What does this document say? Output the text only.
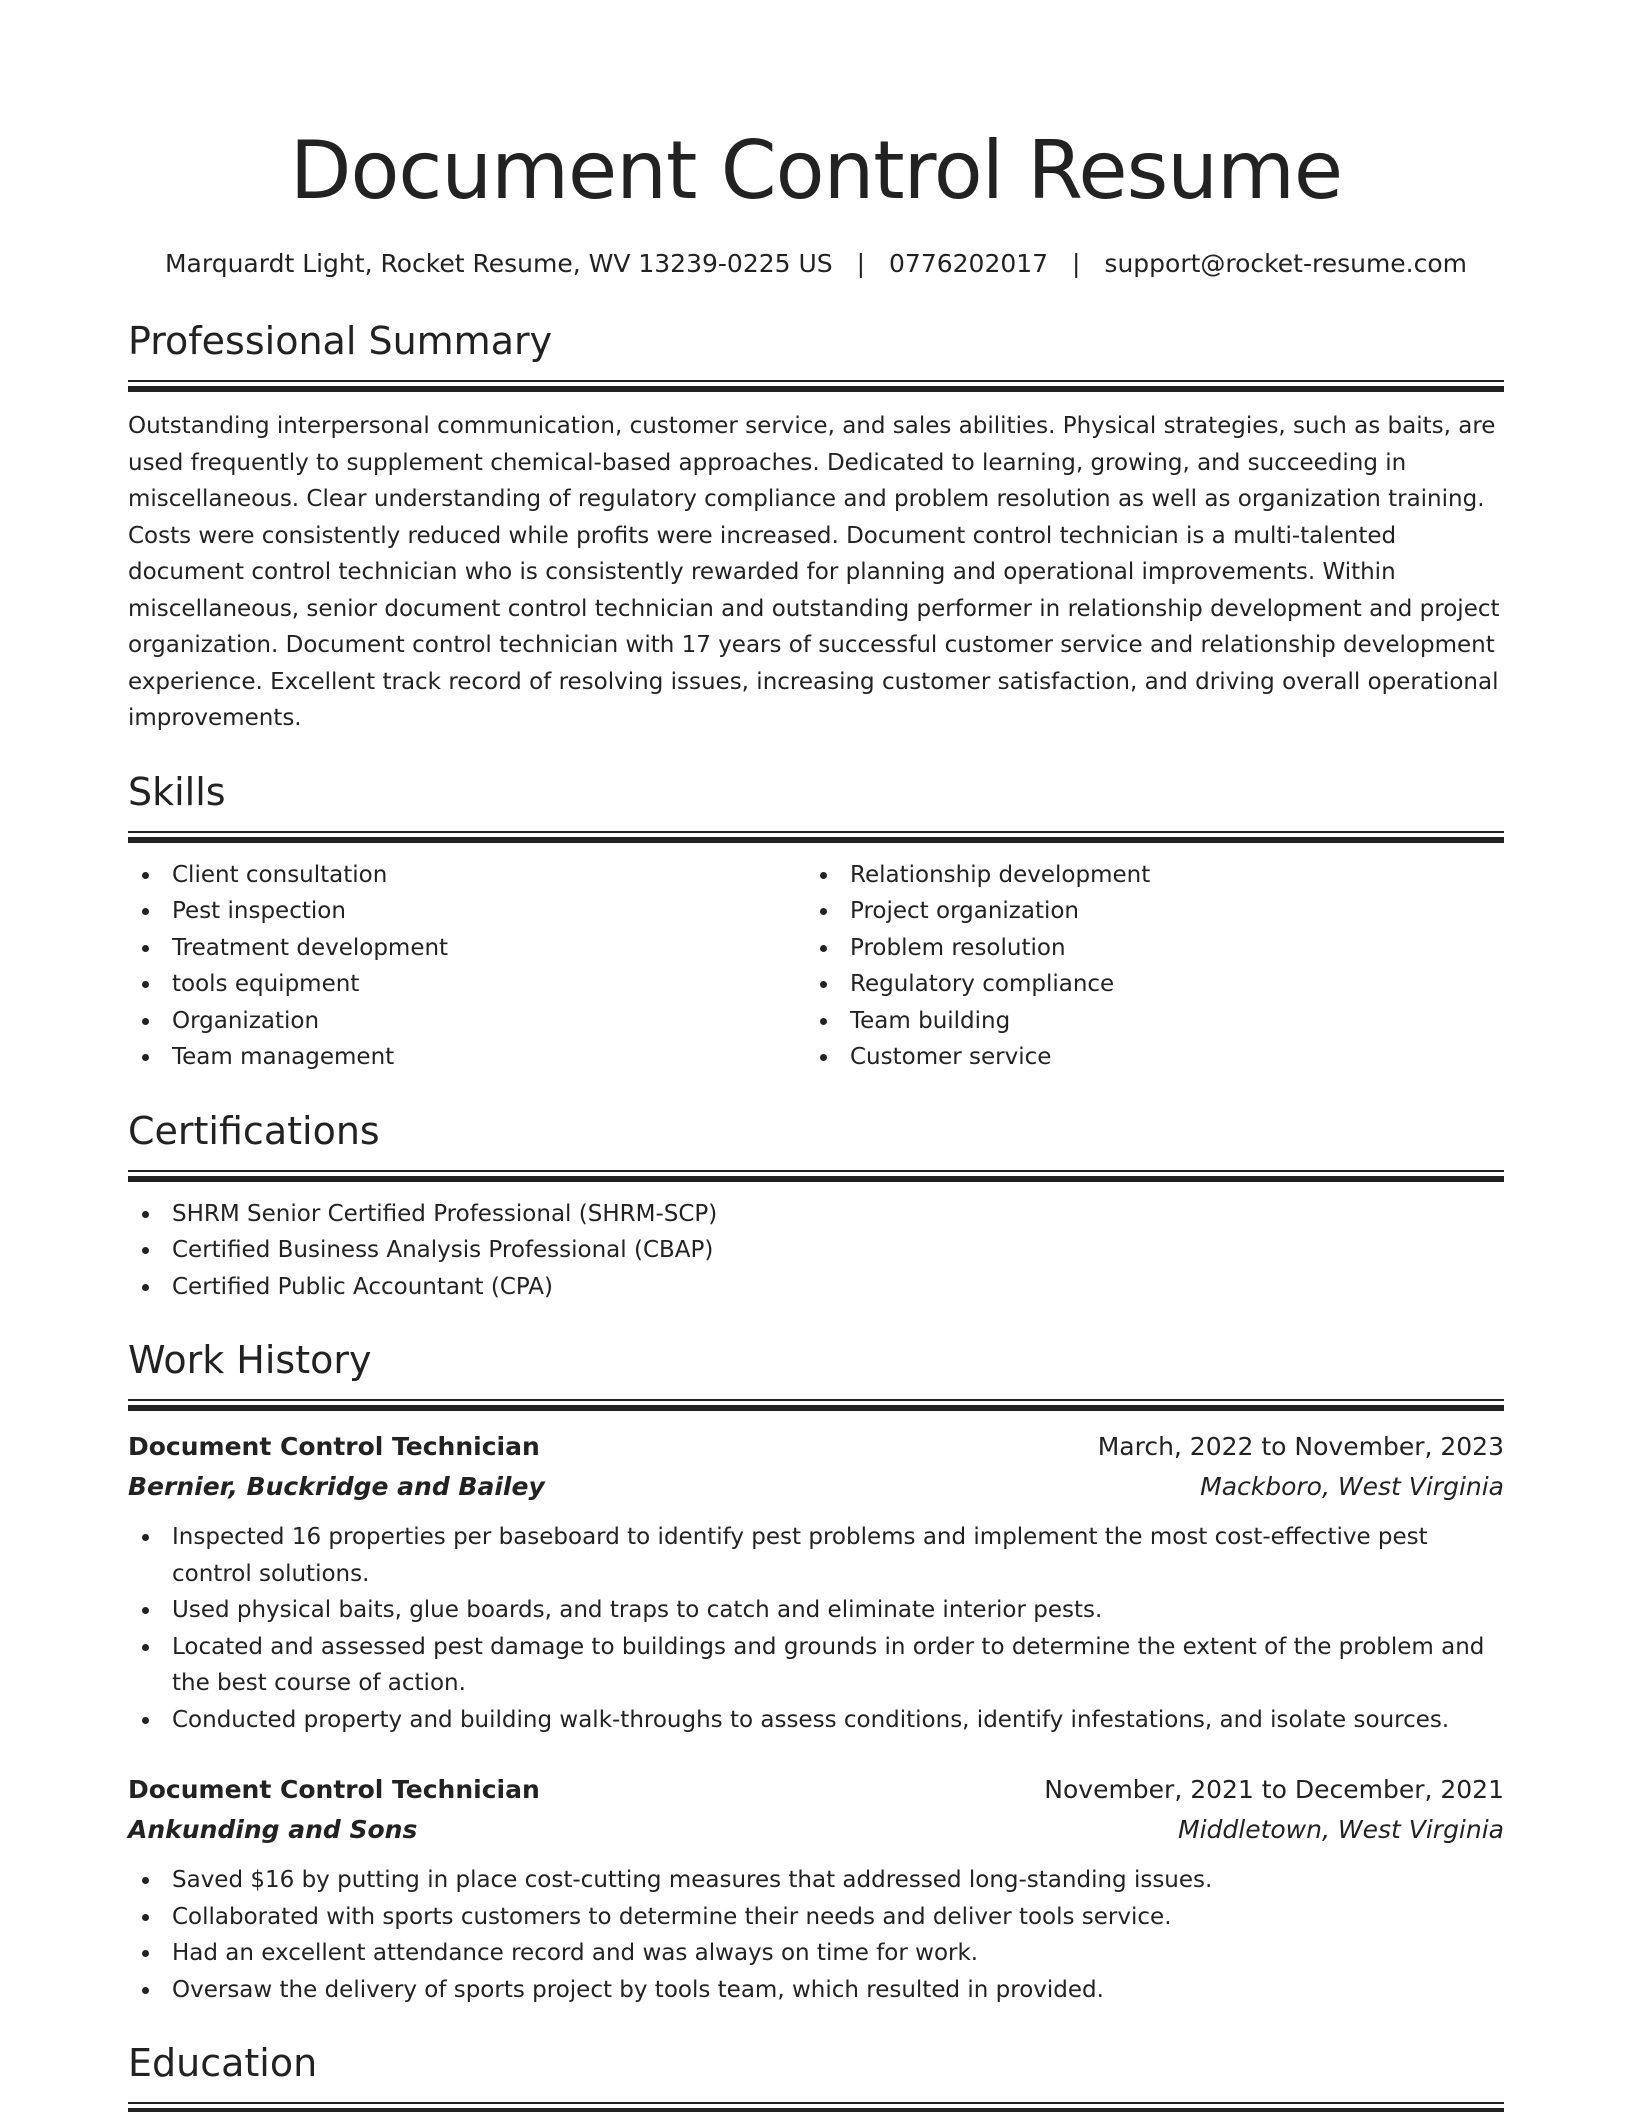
Document Control Resume
Marquardt Light, Rocket Resume, WV 13239-0225 US | 0776202017 | support@rocket-resume.com
Professional Summary

Outstanding interpersonal communication, customer service, and sales abilities. Physical strategies, such as baits, are used frequently to supplement chemical-based approaches. Dedicated to learning, growing, and succeeding in miscellaneous. Clear understanding of regulatory compliance and problem resolution as well as organization training. Costs were consistently reduced while profits were increased. Document control technician is a multi-talented document control technician who is consistently rewarded for planning and operational improvements. Within miscellaneous, senior document control technician and outstanding performer in relationship development and project organization. Document control technician with 17 years of successful customer service and relationship development experience. Excellent track record of resolving issues, increasing customer satisfaction, and driving overall operational improvements.

Skills
Client consultation
Pest inspection
Treatment development
tools equipment
Organization
Team management
Relationship development
Project organization
Problem resolution
Regulatory compliance
Team building
Customer service
Certifications
SHRM Senior Certified Professional (SHRM-SCP)
Certified Business Analysis Professional (CBAP)
Certified Public Accountant (CPA)
Work History
Document Control Technician	March, 2022 to November, 2023
Bernier, Buckridge and Bailey	Mackboro, West Virginia
Inspected 16 properties per baseboard to identify pest problems and implement the most cost-effective pest control solutions.
Used physical baits, glue boards, and traps to catch and eliminate interior pests.
Located and assessed pest damage to buildings and grounds in order to determine the extent of the problem and the best course of action.
Conducted property and building walk-throughs to assess conditions, identify infestations, and isolate sources.
Document Control Technician	November, 2021 to December, 2021
Ankunding and Sons	Middletown, West Virginia
Saved $16 by putting in place cost-cutting measures that addressed long-standing issues.
Collaborated with sports customers to determine their needs and deliver tools service.
Had an excellent attendance record and was always on time for work.
Oversaw the delivery of sports project by tools team, which resulted in provided.
Education
